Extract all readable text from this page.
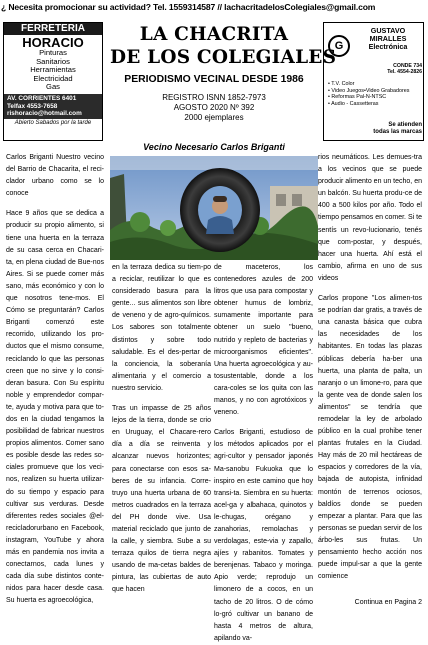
¿ Necesita promocionar su actividad? Tel. 1559314587 // lachacritadelosColegiales@gmail.com
FERRETERIA
HORACIO
Pinturas
Sanitarios
Herramientas
Electricidad
Gas
AV. CORRIENTES 6401
Telfax 4553-7658
rishoracio@hotmail.com
Abierto Sabados por la tarde
LA CHACRITA
DE LOS COLEGIALES
PERIODISMO VECINAL DESDE 1986
REGISTRO ISNN 1852-7973
AGOSTO 2020 Nº 392
2000 ejemplares
G
GUSTAVO
MIRALLES
Electrónica
CONDE 734
Tel. 4554-2826
• T.V. Color
• Video Juegos•Video Grabadores
• Reformas Pal-N-NTSC
• Audio - Cassetteras
Se atienden
todas las marcas
Vecino Necesario Carlos Briganti

Carlos Briganti Nuestro vecino del Barrio de Chacarita, el reci-clador urbano como se lo conoce

Hace 9 años que se dedica a producir su propio alimento, si tiene una huerta en la terraza de su casa cerca en Chacari-ta, en plena ciudad de Bue-nos Aires. Si se puede comer más sano, más económico y con lo que nosotros tene-mos. El Cómo se preguntarán? Carlos Briganti comenzó este recorrido, utilizando los pro-ductos que el mismo consume, reciclando lo que las personas creen que no sirve y lo consi-deran basura. Con Su espíritu noble y emprendedor compar-te, ayuda y motiva para que to-dos en la ciudad tengamos la posibilidad de fabricar nuestros propios alimentos. Comer sano es posible desde las redes so-ciales promueve que los veci-nos, realizen su huerta utilizar-do su tiempo y espacio para cultivar sus verduras. Desde diferentes redes sociales @el-recicladorurbano en Facebook, instagram, YouTube y ahora más en pandemia nos invita a conectarnos, cada lunes y cada día sube distintos conte-nidos para hacer desde casa. Su huerta es agroecológica,

en la terraza dedica su tiem-po a reciclar, reutilizar lo que es considerado basura para la gente... sus alimentos son libre de veneno y de agro-químicos. Los sabores son totalmente distintos y sobre todo saludable. Es el des-pertar de la conciencia, la soberanía alimentaria y el comercio a nuestro servicio.

Tras un impasse de 25 años lejos de la tierra, donde se crio en Uruguay, el Chacare-rero día a día se reinventa y alcanzar nuevos horizontes; para conectarse con esos sa-beres de su infancia. Corre-truyo una huerta urbana de 60 metros cuadrados en la terraza del PH donde vive. Usa material reciclado que junto de la calle, y siembra. Sube a su terraza quilos de tierra negra usando de ma-cetas baldes de pintura, las cubiertas de auto que hacen

de maceteros, los contenedores azules de 200 litros que usa para compostar y obtener humus de lombriz, sumamente importante para obtener un suelo "bueno, nutrido y repleto de bacterias y microorganismos eficientes". Una huerta agroecológica y au-tosustentable, donde a los cara-coles se los quita con las manos, y no con agrotóxicos y veneno.

Carlos Briganti, estudioso de los métodos aplicados por el agri-cultor y pensador japonés Ma-sanobu Fukuoka que lo inspiro en este camino que hoy transi-ta. Siembra en su huerta: acel-ga y albahaca, quinotos y le-chugas, orégano y zanahorias, remolachas y verdolagas, este-via y zapallo, ajíes y rabanitos. Tomates y berenjenas. Tabaco y moringa. Apio verde; reprodujo un limonero de a cocos, en un tacho de 20 litros. O de cómo lo-gró cultivar un banano de hasta 4 metros de altura, apilando va-

rios neumáticos. Les demues-tra a los vecinos que se puede producir alimento en un techo, en un balcón. Su huerta produ-ce de 400 a 500 kilos por año. Todo el tiempo pensamos en comer. Si te sentís un revo-lucionario, tenés que com-postar, y después, hacer una huerta. Ahí está el cambio, afirma en uno de sus videos

Carlos propone "Los alimen-tos se podrían dar gratis, a través de una canasta básica que cubra las necesidades de los habitantes. En todas las plazas públicas debería ha-ber una huerta, una planta de palta, un naranjo o un limone-ro, para que la gente vea de donde salen los alimentos" se tendría que remodelar la ley de arbolado público en la cual prohibe tener plantas frutales en la Ciudad. Hay más de 20 mil hectáreas de espacios y corredores de la vía, bajada de autopista, infinidad montón de terrenos ociosos, baldíos donde se pueden empezar a plantar. Para que las personas se puedan servir de los árbo-les sus frutas. Un pensamiento hecho acción nos puede impul-sar a que la gente comience

Continua en Pagina 2
